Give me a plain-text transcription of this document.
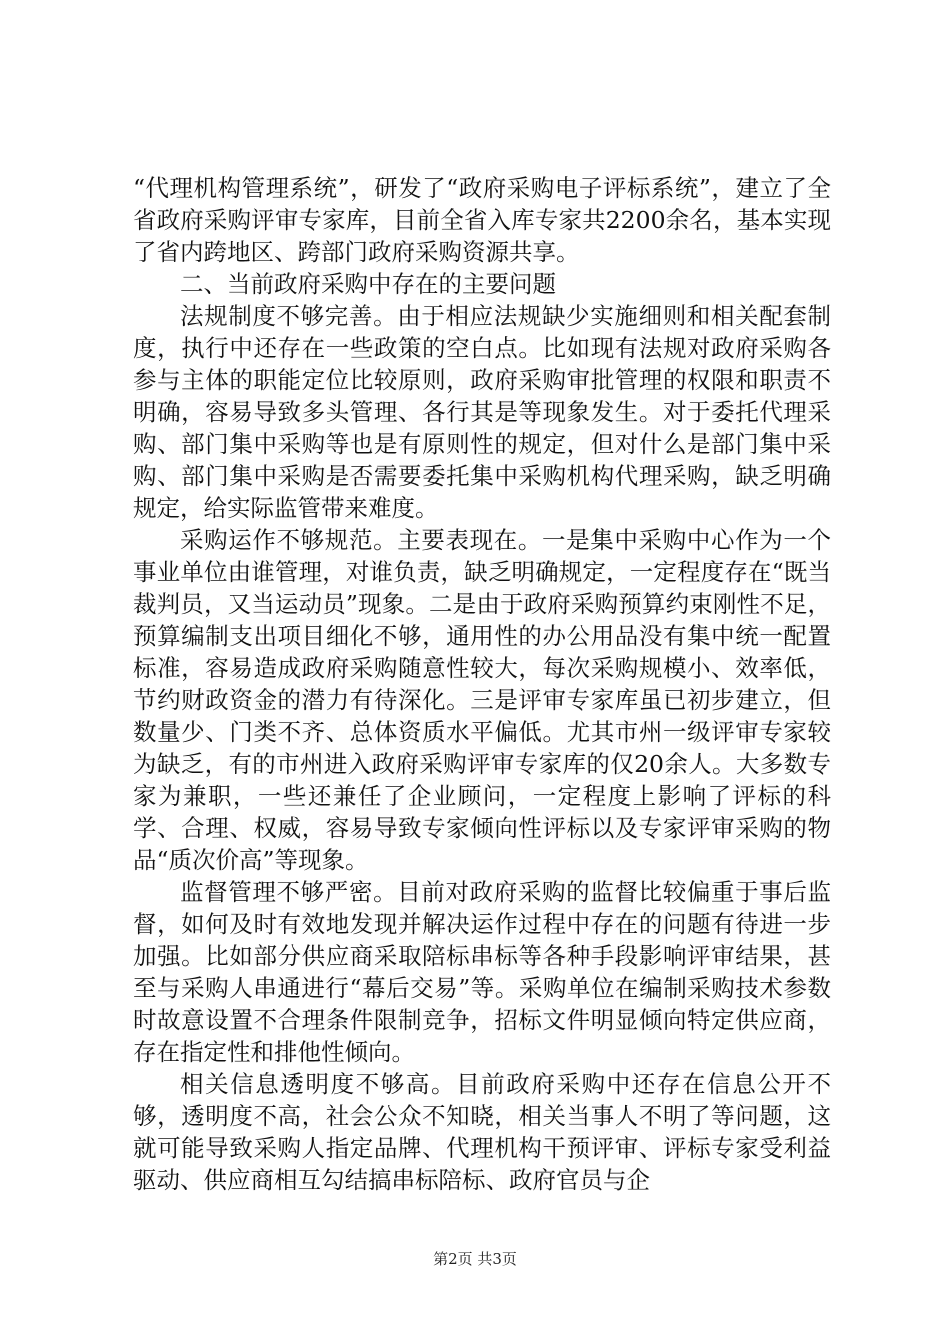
“代理机构管理系统”，研发了“政府采购电子评标系统”，建立了全省政府采购评审专家库，目前全省入库专家共2200余名，基本实现了省内跨地区、跨部门政府采购资源共享。

二、当前政府采购中存在的主要问题

法规制度不够完善。由于相应法规缺少实施细则和相关配套制度，执行中还存在一些政策的空白点。比如现有法规对政府采购各参与主体的职能定位比较原则，政府采购审批管理的权限和职责不明确，容易导致多头管理、各行其是等现象发生。对于委托代理采购、部门集中采购等也是有原则性的规定，但对什么是部门集中采购、部门集中采购是否需要委托集中采购机构代理采购，缺乏明确规定，给实际监管带来难度。

采购运作不够规范。主要表现在。一是集中采购中心作为一个事业单位由谁管理，对谁负责，缺乏明确规定，一定程度存在“既当裁判员，又当运动员”现象。二是由于政府采购预算约束刚性不足，预算编制支出项目细化不够，通用性的办公用品没有集中统一配置标准，容易造成政府采购随意性较大，每次采购规模小、效率低，节约财政资金的潜力有待深化。三是评审专家库虽已初步建立，但数量少、门类不齐、总体资质水平偏低。尤其市州一级评审专家较为缺乏，有的市州进入政府采购评审专家库的仅20余人。大多数专家为兼职，一些还兼任了企业顾问，一定程度上影响了评标的科学、合理、权威，容易导致专家倾向性评标以及专家评审采购的物品“质次价高”等现象。

监督管理不够严密。目前对政府采购的监督比较偏重于事后监督，如何及时有效地发现并解决运作过程中存在的问题有待进一步加强。比如部分供应商采取陪标串标等各种手段影响评审结果，甚至与采购人串通进行“幕后交易”等。采购单位在编制采购技术参数时故意设置不合理条件限制竞争，招标文件明显倾向特定供应商，存在指定性和排他性倾向。

相关信息透明度不够高。目前政府采购中还存在信息公开不够，透明度不高，社会公众不知晓，相关当事人不明了等问题，这就可能导致采购人指定品牌、代理机构干预评审、评标专家受利益驱动、供应商相互勾结搞串标陪标、政府官员与企

第2页 共3页
